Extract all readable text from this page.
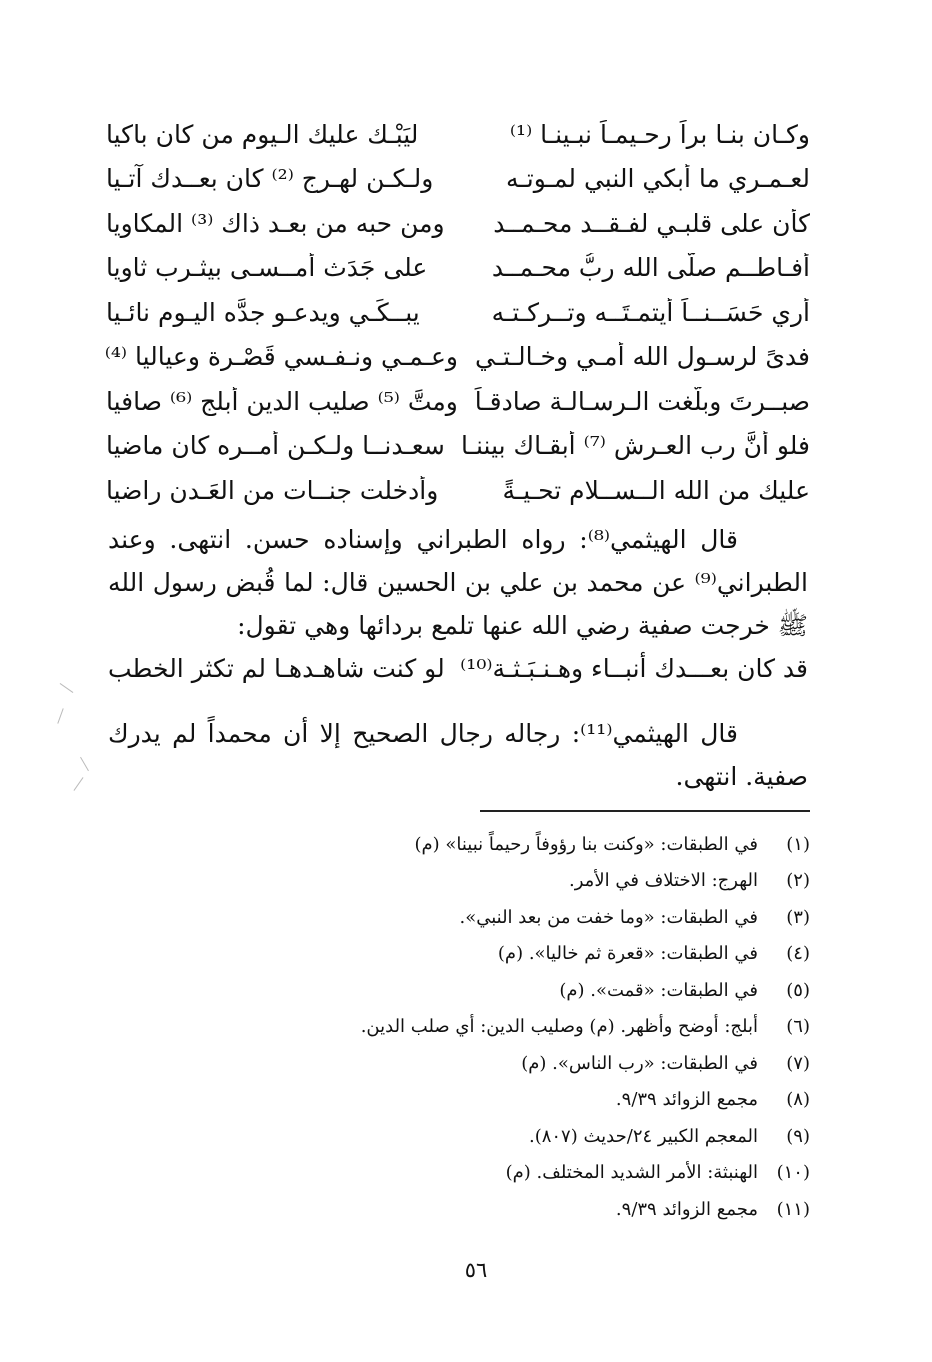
وكـان بنـا براً رحـيمـاً نبـينـا ⁽¹⁾
ليَبْـك عليك الـيوم من كان باكيا
لعـمـري ما أبكي النبي لمـوتـه
ولـكـن لهـرج ⁽²⁾ كان بعــدك آتـيا
كأن على قلبـي لفـقــد محـمــد
ومن حبه من بعـد ذاك ⁽³⁾ المكاويا
أفـاطــم صلَّى الله ربُّ محـمــد
على جَدَث أمــسـى بيثـرب ثاويا
أري حَسَــنــاً أيتمـتَــه وتــركـتـه
يبــكِّـي ويدعـو جدَّه اليـوم نائـيا
فدىً لرسـول الله أمـي وخـالـتـي
وعـمـي ونـفـسي قَصْـرة وعياليا ⁽⁴⁾
صبــرتَ وبلَّغت الـرسـالـة صادقـاً
ومتَّ ⁽⁵⁾ صليب الدين أبلج ⁽⁶⁾ صافيا
فلو أنَّ رب العـرش ⁽⁷⁾ أبقـاك بيننـا
سعـدنــا ولـكـن أمــره كان ماضيا
عليك من الله الــســلام تحـيـةً
وأدخلت جنــات من العَـدن راضيا

قال الهيثمي⁽⁸⁾: رواه الطبراني وإسناده حسن. انتهى. وعند الطبراني⁽⁹⁾ عن محمد بن علي بن الحسين قال: لما قُبض رسول الله ﷺ خرجت صفية رضي الله عنها تلمع بردائها وهي تقول:

قد كان بعـــدك أنبــاء وهـنـبَـثـة⁽¹⁰⁾
لو كنت شاهـدهـا لم تكثر الخطب

قال الهيثمي⁽¹¹⁾: رجاله رجال الصحيح إلا أن محمداً لم يدرك صفية. انتهى.

(١)
في الطبقات: «وكنت بنا رؤوفاً رحيماً نبينا» (م)
(٢)
الهرج: الاختلاف في الأمر.
(٣)
في الطبقات: «وما خفت من بعد النبي».
(٤)
في الطبقات: «قعرة ثم خاليا». (م)
(٥)
في الطبقات: «قمت». (م)
(٦)
أبلج: أوضح وأظهر. (م) وصليب الدين: أي صلب الدين.
(٧)
في الطبقات: «رب الناس». (م)
(٨)
مجمع الزوائد ٩/٣٩.
(٩)
المعجم الكبير ٢٤/حديث (٨٠٧).
(١٠)
الهنبثة: الأمر الشديد المختلف. (م)
(١١)
مجمع الزوائد ٩/٣٩.
٥٦
